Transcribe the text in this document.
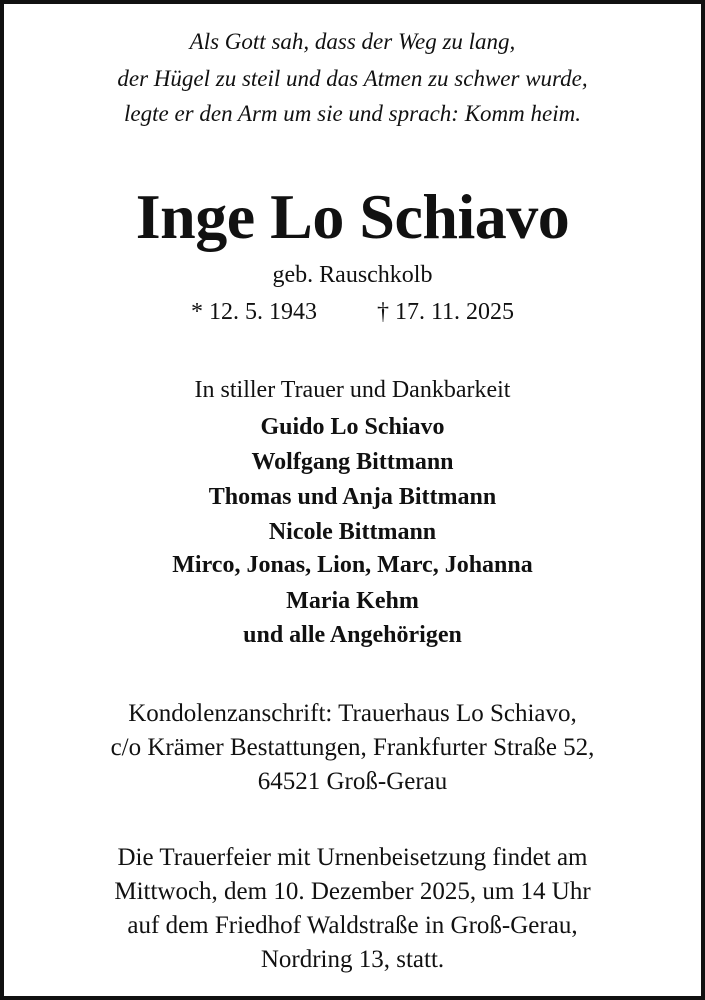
Als Gott sah, dass der Weg zu lang,
der Hügel zu steil und das Atmen zu schwer wurde,
legte er den Arm um sie und sprach: Komm heim.
Inge Lo Schiavo
geb. Rauschkolb
* 12. 5. 1943	† 17. 11. 2025
In stiller Trauer und Dankbarkeit
Guido Lo Schiavo
Wolfgang Bittmann
Thomas und Anja Bittmann
Nicole Bittmann
Mirco, Jonas, Lion, Marc, Johanna
Maria Kehm
und alle Angehörigen
Kondolenzanschrift: Trauerhaus Lo Schiavo,
c/o Krämer Bestattungen, Frankfurter Straße 52,
64521 Groß-Gerau
Die Trauerfeier mit Urnenbeisetzung findet am
Mittwoch, dem 10. Dezember 2025, um 14 Uhr
auf dem Friedhof Waldstraße in Groß-Gerau,
Nordring 13, statt.
